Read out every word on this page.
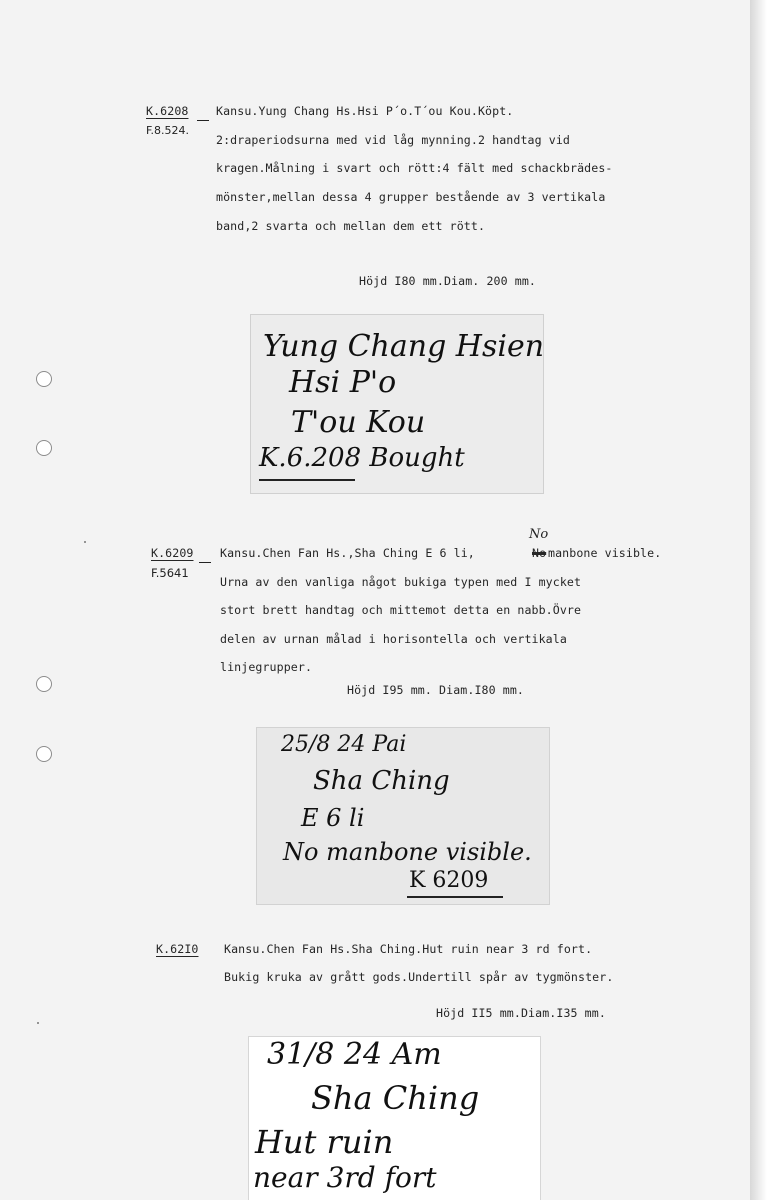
K.6208
F.8.524.
Kansu.Yung Chang Hs.Hsi P´o.T´ou Kou.Köpt.
2:draperiodsurna med vid låg mynning.2 handtag vid
kragen.Målning i svart och rött:4 fält med schackbrädes-
mönster,mellan dessa 4 grupper bestående av 3 vertikala
band,2 svarta och mellan dem ett rött.
Höjd I80 mm.Diam. 200 mm.
Yung Chang Hsien
Hsi P'o
T'ou Kou
K.6.208 Bought
K.6209
F.5641
Kansu.Chen Fan Hs.,Sha Ching E 6 li,
No
No manbone visible.
Urna av den vanliga något bukiga typen med I mycket
stort brett handtag och mittemot detta en nabb.Övre
delen av urnan målad i horisontella och vertikala
linjegrupper.
Höjd I95 mm. Diam.I80 mm.
25/8 24 Pai
Sha Ching
E 6 li
No manbone visible.
K 6209
K.62I0 Kansu.Chen Fan Hs.Sha Ching.Hut ruin near 3 rd fort.
Bukig kruka av grått gods.Undertill spår av tygmönster.
Höjd II5 mm.Diam.I35 mm.
31/8 24 Am
Sha Ching
Hut ruin
near 3rd fort
